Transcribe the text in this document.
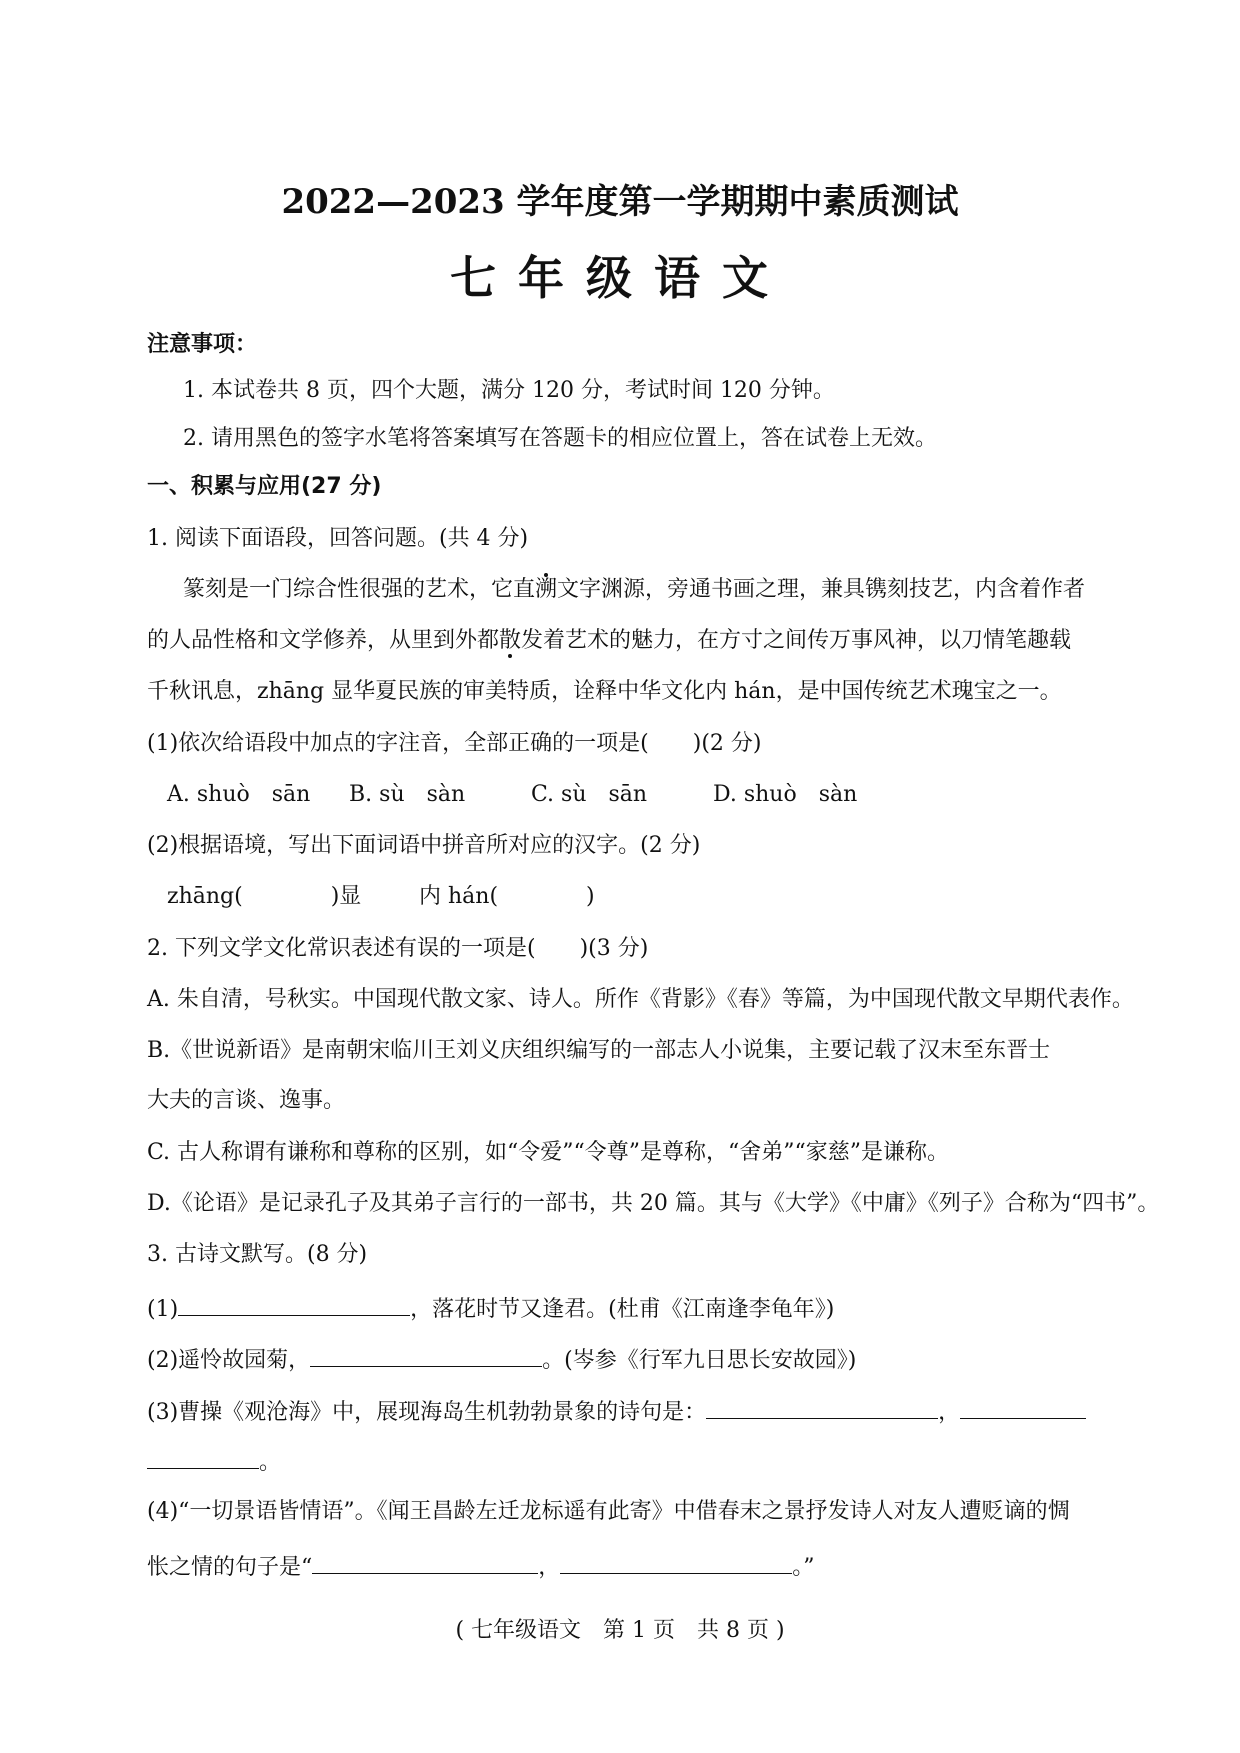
2022—2023 学年度第一学期期中素质测试
七年级语文
注意事项：
1. 本试卷共 8 页，四个大题，满分 120 分，考试时间 120 分钟。
2. 请用黑色的签字水笔将答案填写在答题卡的相应位置上，答在试卷上无效。
一、积累与应用(27 分)
1. 阅读下面语段，回答问题。(共 4 分)
篆刻是一门综合性很强的艺术，它直溯文字渊源，旁通书画之理，兼具镌刻技艺，内含着作者
的人品性格和文学修养，从里到外都散发着艺术的魅力，在方寸之间传万事风神，以刀情笔趣载
千秋讯息，zhāng 显华夏民族的审美特质，诠释中华文化内 hán，是中国传统艺术瑰宝之一。
(1)依次给语段中加点的字注音，全部正确的一项是(　　)(2 分)
A. shuò　sān B. sù　sàn	C. sù　sān	D. shuò　sàn
(2)根据语境，写出下面词语中拼音所对应的汉字。(2 分)
zhāng(　　　　)显	内 hán(　　　　)
2. 下列文学文化常识表述有误的一项是(　　)(3 分)
A. 朱自清，号秋实。中国现代散文家、诗人。所作《背影》《春》等篇，为中国现代散文早期代表作。
B.《世说新语》是南朝宋临川王刘义庆组织编写的一部志人小说集，主要记载了汉末至东晋士
大夫的言谈、逸事。
C. 古人称谓有谦称和尊称的区别，如“令爱”“令尊”是尊称，“舍弟”“家慈”是谦称。
D.《论语》是记录孔子及其弟子言行的一部书，共 20 篇。其与《大学》《中庸》《列子》合称为“四书”。
3. 古诗文默写。(8 分)
(1)	，落花时节又逢君。(杜甫《江南逢李龟年》)
(2)遥怜故园菊，	。(岑参《行军九日思长安故园》)
(3)曹操《观沧海》中，展现海岛生机勃勃景象的诗句是：	，
。
(4)“一切景语皆情语”。《闻王昌龄左迁龙标遥有此寄》中借春末之景抒发诗人对友人遭贬谪的惆
怅之情的句子是“	，	。”
( 七年级语文　第 1 页　共 8 页 )
